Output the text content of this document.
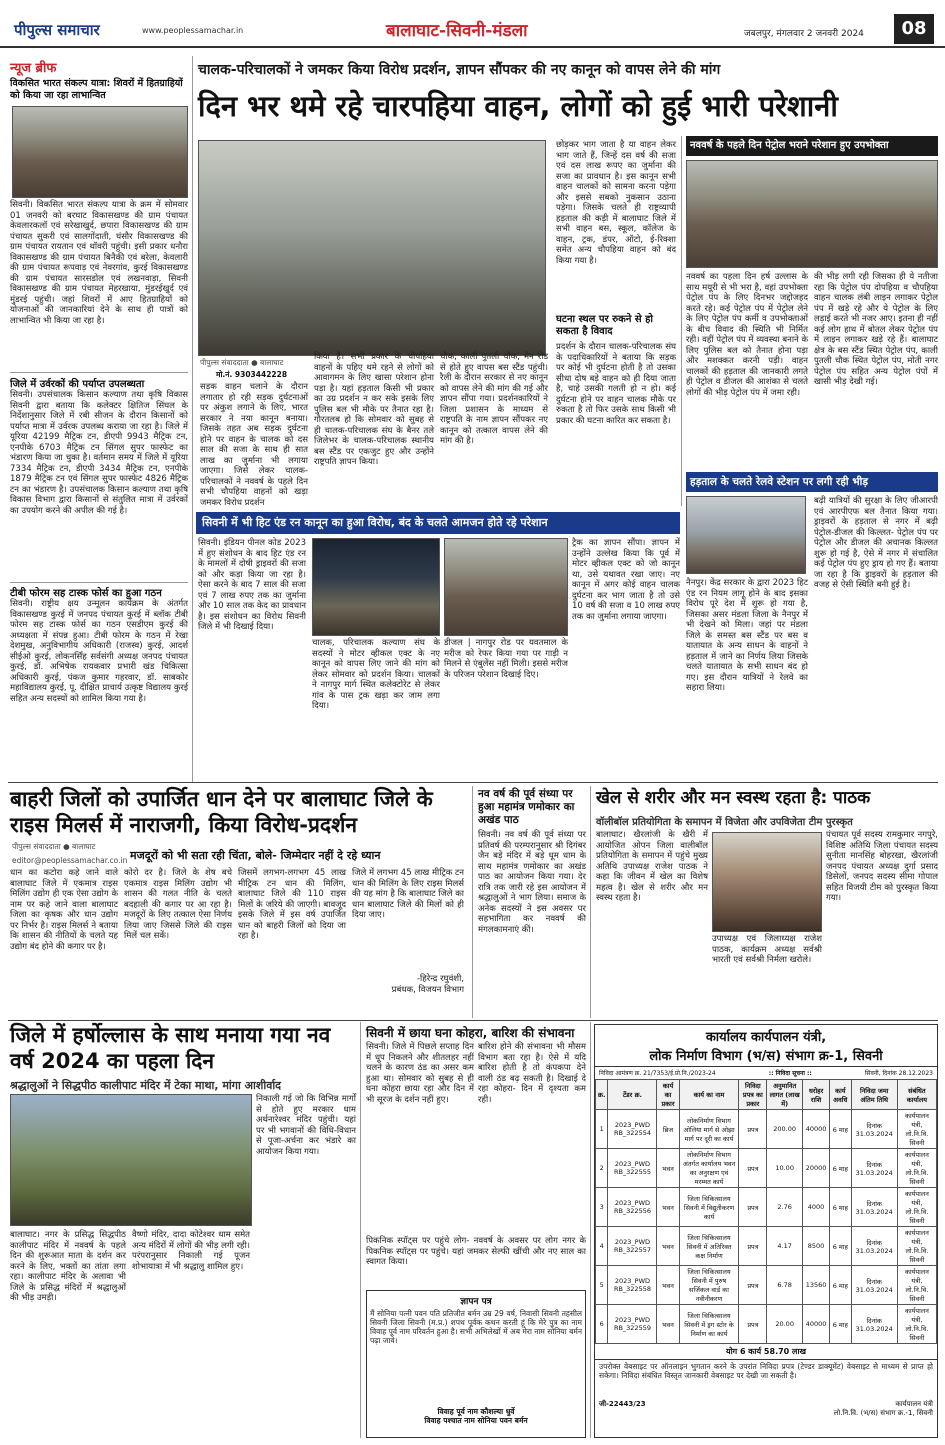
पीपुल्स समाचार	www.peoplessamachar.in	बालाघाट-सिवनी-मंडला	जबलपुर, मंगलवार 2 जनवरी 2024	08
न्यूज ब्रीफ
विकसित भारत संकल्प यात्रा: शिवरों में हितग्राहियों को किया जा रहा लाभान्वित
सिवनी। विकसित भारत संकल्प यात्रा के क्रम में सोमवार 01 जनवरी को बरघाट विकासखण्ड की ग्राम पंचायत केवलारकलॉ एवं सरेखाखुर्द, छपारा विकासखण्ड की ग्राम पंचायत सुकरी एवं सालगोंदाती, घंसौर विकासखण्ड की ग्राम पंचायत रायतान एवं थॉवरी पहुंची। इसी प्रकार धनौरा विकासखण्ड की ग्राम पंचायत बिनैकी एवं बरेला, केवलारी की ग्राम पंचायत रूपवाड़ एवं नेवरगांव, कुरई विकासखण्ड की ग्राम पंचायत सारसडोल एवं लखनवाड़ा, सिवनी विकासखण्ड की ग्राम पंचायत मेहरखाया, मुंडरईखुर्द एवं मुंडरई पहुंची। जहां शिवरों में आए हितग्राहियों को योजनाओं की जानकारियां देने के साथ ही पात्रों को लाभान्वित भी किया जा रहा है।
जिले में उर्वरकों की पर्याप्त उपलब्धता
सिवनी। उपसंचालक किसान कल्याण तथा कृषि विकास सिवनी द्वारा बताया कि कलेक्टर क्षितिज सिंघल के निर्देशानुसार जिले में रबी सीजन के दौरान किसानों को पर्याप्त मात्रा में उर्वरक उपलब्ध कराया जा रहा है। जिले में यूरिया 42199 मैट्रिक टन, डीएपी 9943 मैट्रिक टन, एनपीके 6703 मैट्रिक टन सिंगल सुपर फास्फेट का भंडारण किया जा चुका है। वर्तमान समय में जिले में यूरिया 7334 मैट्रिक टन, डीएपी 3434 मैट्रिक टन, एनपीके 1879 मैट्रिक टन एवं सिंगल सुपर फास्फेट 4826 मैट्रिक टन का भंडारण है। उपसंचालक किसान कल्याण तथा कृषि विकास विभाग द्वारा किसानों से संतुलित मात्रा में उर्वरकों का उपयोग करने की अपील की गई है।
टीबी फोरम सह टास्क फोर्स का हुआ गठन
सिवनी। राष्ट्रीय क्षय उन्मूलन कार्यक्रम के अंतर्गत विकासखण्ड कुरई में जनपद पंचायत कुरई में ब्लॉक टीबी फोरम सह टास्क फोर्स का गठन एसडीएम कुरई की अध्यक्षता में संपन्न हुआ। टीबी फोरम के गठन में रेखा देशमुख, अनुविभागीय अधिकारी (राजस्व) कुरई, आदर्श सीईओ कुरई, लोकनर्सिंह सर्वसंगी अध्यक्ष जनपद पंचायत कुरई, डॉ. अभिषेक रायकवार प्रभारी खंड चिकित्सा अधिकारी कुरई, पंकज कुमार गहरवार, डॉ. साबकोर महाविद्यालय कुरई, पू. दीक्षित प्राचार्य उत्कृष्ट विद्यालय कुरई सहित अन्य सदस्यों को शामिल किया गया है।
चालक-परिचालकों ने जमकर किया विरोध प्रदर्शन, ज्ञापन सौंपकर की नए कानून को वापस लेने की मांग
दिन भर थमे रहे चारपहिया वाहन, लोगों को हुई भारी परेशानी
पीपुल्स संवाददाता ● बालाघाट
मो.नं. 9303442228
सड़क वाहन चलाने के दौरान लगातार हो रही सड़क दुर्घटनाओं पर अंकुश लगाने के लिए, भारत सरकार ने नया कानून बनाया। जिसके तहत अब सड़क दुर्घटना होने पर वाहन के चालक को दस साल की सजा के साथ ही सात लाख का जुर्माना भी लगाया जाएगा। जिसे लेकर चालक-परिचालकों ने नववर्ष के पहले दिन सभी चौपहिया वाहनों को खड़ा जमकर विरोध प्रदर्शन
किया है। सभी प्रकार के चौपहिया वाहनों के पहिए थमे रहने से लोगों को आवागमन के लिए खासा परेशान होना पड़ा है। यहां हड़ताल किसी भी प्रकार का उग्र प्रदर्शन न कर सके इसके लिए पुलिस बल भी मौके पर तैनात रहा है। गौरतलब हो कि सोमवार को सुबह से ही चालक-परिचालक संघ के बैनर तले जिलेभर के चालक-परिचालक स्थानीय बस स्टैंड पर एकजुट हुए और उन्होंने राष्ट्रपति ज्ञापन किया।
चौक, काली पुतली चौक, मेन रोड से होते हुए वापस बस स्टैंड पहुंची। रैली के दौरान सरकार से नए कानून को वापस लेने की मांग की गई और ज्ञापन सौंपा गया। प्रदर्शनकारियों ने जिला प्रशासन के माध्यम से राष्ट्रपति के नाम ज्ञापन सौंपकर नए कानून को तत्काल वापस लेने की मांग की है।
छोड़कर भाग जाता है या वाहन लेकर भाग जाते हैं, जिन्हें दस वर्ष की सजा एवं दस लाख रूपए का जुर्माना की सजा का प्रावधान है। इस कानून सभी वाहन चालकों को सामना करना पड़ेगा और इससे सबको नुकसान उठाना पड़ेगा। जिसके चलते ही राष्ट्रव्यापी हड़ताल की कड़ी में बालाघाट जिले में सभी वाहन बस, स्कूल, कॉलेज के वाहन, ट्रक, डंपर, ऑटो, ई-रिक्शा समेत अन्य चौपहिया वाहन को बंद किया गया है।
घटना स्थल पर रुकने से हो सकता है विवाद
प्रदर्शन के दौरान चालक-परिचालक संघ के पदाधिकारियों ने बताया कि सड़क पर कोई भी दुर्घटना होती है तो उसका सीधा दोष बड़े वाहन को ही दिया जाता है, चाहे उसकी गलती हो न हो। कई दुर्घटना होने पर वाहन चालक मौके पर रुकता है तो फिर उसके साथ किसी भी प्रकार की घटना कारित कर सकता है।
नववर्ष के पहले दिन पेट्रोल भराने परेशान हुए उपभोक्ता
नववर्ष का पहला दिन हर्ष उल्लास के साथ मयूरी से भी भरा है, वहां उपभोक्ता पेट्रोल पंप के लिए दिनभर जद्दोजहद करते रहे। कई पेट्रोल पंप में पेट्रोल लेने के लिए पेट्रोल पंप कर्मी व उपभोक्ताओं के बीच विवाद की स्थिति भी निर्मित रही। वहीं पेट्रोल पंप में व्यवस्था बनाने के लिए पुलिस बल को तैनात होना पड़ा और मशक्कत करनी पड़ी। वाहन चालकों की हड़ताल की जानकारी लगते ही पेट्रोल व डीजल की आशंका से चलते लोगों की भीड़ पेट्रोल पंप में जमा रही।
की भीड़ लगी रही जिसका ही ये नतीजा रहा कि पेट्रोल पंप दोपहिया व चौपहिया वाहन चालक लंबी लाइन लगाकर पेट्रोल पंप में खड़े रहे और ये पेट्रोल के लिए लड़ाई करते भी नजर आए। इतना ही नहीं कई लोग हाथ में बोतल लेकर पेट्रोल पंप में लाइन लगाकर खड़े रहे हैं। बालाघाट क्षेत्र के बस स्टैंड स्थित पेट्रोल पंप, काली पुतली चौक स्थित पेट्रोल पंप, मोती नगर पेट्रोल पंप सहित अन्य पेट्रोल पंपों में खासी भीड़ देखी गई।
हड़ताल के चलते रेलवे स्टेशन पर लगी रही भीड़
नैनपुर। केंद्र सरकार के द्वारा 2023 हिट एंड रन नियम लागू होने के बाद इसका विरोध पूरे देश में शुरू हो गया है, जिसका असर मंडला जिला के नैनपुर में भी देखने को मिला। जहां पर मंडला जिले के समस्त बस स्टैंड पर बस व यातायात के अन्य साधन के वाहनों ने हड़ताल में जाने का निर्णय लिया जिसके चलते यातायात के सभी साधन बंद हो गए। इस दौरान यात्रियों ने रेलवे का सहारा लिया।
बढ़ी यात्रियों की सुरक्षा के लिए जीआरपी एवं आरपीएफ बल तैनात किया गया। ड्राइवरों के हड़ताल से नगर में बढ़ी पेट्रोल-डीजल की किल्लत- पेट्रोल पंप पर पेट्रोल और डीजल की अचानक किल्लत शुरू हो गई है, ऐसे में नगर में संचालित कई पेट्रोल पंप हुए ड्राय हो गए हैं। बताया जा रहा है कि ड्राइवरों के हड़ताल की वजह से ऐसी स्थिति बनी हुई है।
सिवनी में भी हिट एंड रन कानून का हुआ विरोध, बंद के चलते आमजन होते रहे परेशान
सिवनी। इंडियन पीनल कोड 2023 में हुए संशोधन के बाद हिट एंड रन के मामलों में दोषी ड्राइवरों की सजा को और कड़ा किया जा रहा है। ऐसा करने के बाद 7 साल की सजा एवं 7 लाख रुपए तक का जुर्माना और 10 साल तक केद का प्रावधान है। इस संशोधन का विरोध सिवनी जिले में भी दिखाई दिया।
चालक, परिचालक कल्याण संघ के सदस्यों ने मोटर व्हीकल एक्ट के नए कानून को वापस लिए जाने की मांग को लेकर सोमवार को प्रदर्शन किया। चालकों ने नागपुर मार्ग स्थित कलेक्टोरेट से लेकर गांव के पास ट्रक खड़ा कर जाम लगा दिया।
डीजल | नागपुर रोड पर यवतमाल के मरीज को रेफर किया गया पर गाड़ी न मिलने से एंबुलेंस नहीं मिली। इससे मरीज के परिजन परेशान दिखाई दिए।
ट्रैक का ज्ञापन सौंपा। ज्ञापन में उन्होंने उल्लेख किया कि पूर्व में मोटर व्हीकल एक्ट को जो कानून था, उसे यथावत रखा जाए। नए कानून में अगर कोई वाहन चालक दुर्घटना कर भाग जाता है तो उसे 10 वर्ष की सजा व 10 लाख रुपए तक का जुर्माना लगाया जाएगा।
बाहरी जिलों को उपार्जित धान देने पर बालाघाट जिले के राइस मिलर्स में नाराजगी, किया विरोध-प्रदर्शन
पीपुल्स संवाददाता ● बालाघाट
editor@peoplessamachar.co.in मजदूरों को भी सता रही चिंता, बोले- जिम्मेदार नहीं दे रहे ध्यान
धान का कटोरा कहे जाने वाले बालाघाट जिले में एकमात्र राइस मिलिंग उद्योग ही एक ऐसा उद्योग के नाम पर कहे जाने वाला बालाघाट जिला का कृषक और धान उद्योग पर निर्भर है। राइस मिलर्स ने बताया कि शासन की नीतियों के चलते यह उद्योग बंद होने की कगार पर है।
कोरो दर है। जिले के शेष बचे एकमात्र राइस मिलिंग उद्योग भी शासन की गलत नीति के चलते बदहाली की कगार पर आ रहा है। मजदूरों के लिए तत्काल ऐसा निर्णय लिया जाए जिससे जिले की राइस मिलें चल सकें।
जिसमें लगभग-लगभग 45 लाख मीट्रिक टन धान की मिलिंग, बालाघाट जिले की 110 राइस मिलों के जरिये की जाएगी। बावजूद इसके जिले में इस वर्ष उपार्जित धान को बाहरी जिलों को दिया जा रहा है।
जिले में लगभग 45 लाख मीट्रिक टन धान की मिलिंग के लिए राइस मिलर्स की यह मांग है कि बालाघाट जिले का धान बालाघाट जिले की मिलों को ही दिया जाए।
-हिरेन्द्र रघुवंशी,
प्रबंधक, विजयन विभाग
नव वर्ष की पूर्व संध्या पर हुआ महामंत्र णमोकार का अखंड पाठ
सिवनी। नव वर्ष की पूर्व संध्या पर प्रतिवर्ष की परम्परानुसार श्री दिगंबर जैन बड़े मंदिर में बड़े धूम धाम के साथ महामंत्र णमोकार का अखंड पाठ का आयोजन किया गया। देर रात्रि तक जारी रहे इस आयोजन में श्रद्धालुओं ने भाग लिया। समाज के अनेक सदस्यों ने इस अवसर पर सहभागिता कर नववर्ष की मंगलकामनाएं कीं।
खेल से शरीर और मन स्वस्थ रहता है: पाठक
वॉलीबॉल प्रतियोगिता के समापन में विजेता और उपविजेता टीम पुरस्कृत
बालाघाट। खैरलांजी के खैरी में आयोजित ओपन जिला वालीबॉल प्रतियोगिता के समापन में पहुंचे मुख्य अतिथि उपाध्यक्ष राजेश पाठक ने कहा कि जीवन में खेल का विशेष महत्व है। खेल से शरीर और मन स्वस्थ रहता है।
उपाध्यक्ष एवं जिलाध्यक्ष राजेश पाठक, कार्यक्रम अध्यक्ष सर्वश्री भारती एवं सर्वश्री निर्मला खरोले।
पंचायत पूर्व सदस्य रामकुमार नगपुरे, विशिष्ट अतिथि जिला पंचायत सदस्य सुनीता मानसिंह बोहरखा, खैरलांजी जनपद पंचायत अध्यक्ष दुर्गा प्रसाद डिसेलों, जनपद सदस्य सीमा गोपाल सहित विजयी टीम को पुरस्कृत किया गया।
जिले में हर्षोल्लास के साथ मनाया गया नव वर्ष 2024 का पहला दिन
श्रद्धालुओं ने सिद्धपीठ कालीपाट मंदिर में टेका माथा, मांगा आशीर्वाद
बालाघाट। नगर के प्रसिद्ध सिद्धपीठ कालीपाट मंदिर में नववर्ष के पहले दिन की शुरूआत माता के दर्शन कर करने के लिए, भक्तों का तांता लगा रहा। कालीपाट मंदिर के अलावा भी जिले के प्रसिद्ध मंदिरों में श्रद्धालुओं की भीड़ उमड़ी।
वैष्णो मंदिर, दादा कोटेश्वर धाम समेत अन्य मंदिरों में लोगों की भीड़ लगी रही। परंपरानुसार निकाली गई पूजन शोभायात्रा में भी श्रद्धालु शामिल हुए।
निकाली गई जो कि विभिन्न मार्गों से होते हुए मरकार धाम अर्थनारेश्वर मंदिर पहुंची। यहां पर भी भगवानों की विधि-विधान से पूजा-अर्चना कर भंडारे का आयोजन किया गया।
सिवनी में छाया घना कोहरा, बारिश की संभावना
सिवनी। जिले में पिछले सप्ताह दिन में धूप निकलने और शीतलहर नहीं चलने के कारण ठंड का असर कम हुआ था। सोमवार को सुबह से ही घना कोहरा छाया रहा और दिन में भी सूरज के दर्शन नहीं हुए।
बारिश होने की संभावना भी मौसम विभाग बता रहा है। ऐसे में यदि बारिश होती है तो कंपकपा देने वाली ठंड बढ़ सकती है। दिखाई दे रहा कोहरा- दिन में दृश्यता कम रही।
पिकनिक स्पॉट्स पर पहुंचे लोग- नववर्ष के अवसर पर लोग नगर के पिकनिक स्पॉट्स पर पहुंचे। यहां जमकर सेल्फी खींची और नए साल का स्वागत किया।
ज्ञापन पत्र
मैं सोनिया पत्नी पवन पति प्रतिजीत बर्मन उम्र 29 वर्ष, निवासी सिवनी तहसील सिवनी जिला सिवनी (म.प्र.) शपथ पूर्वक कथन करती हूं कि मेरे पुत्र का नाम विवाह पूर्व नाम परिवर्तन हुआ है। सभी अभिलेखों में अब मेरा नाम सोनिया बर्मन पढ़ा जावे।
विवाह पूर्व नाम कौशल्या धुर्वे
विवाह पश्चात नाम सोनिया पवन बर्मन
कार्यालय कार्यपालन यंत्री,
लोक निर्माण विभाग (भ/स) संभाग क्र-1, सिवनी
निविदा आमंत्रण क्र. 21/7353/ई.प्रो.नि./2023-24	:: निविदा सूचना ::	सिवनी, दिनांक 28.12.2023
क्र.	टेंडर क्र.	कार्य का प्रकार	कार्य का नाम	निविदा प्रपत्र का प्रकार	अनुमानित लागत (लाख में)	धरोहर राशि	कार्य अवधि	निविदा जमा अंतिम तिथि	संबंधित कार्यालय
1	2023_PWD RB_322554	ब्रिज	लोकनिर्माण विभाग ओलिया मार्ग से ओझा मार्ग पर दूरी का कार्य	प्रपत्र	200.00	40000	6 माह	दिनांक 31.03.2024	कार्यपालन यंत्री, लो.नि.वि. सिवनी
2	2023_PWD RB_322555	भवन	लोकनिर्माण विभाग अंतर्गत कार्यालय भवन का अनुरक्षण एवं मरम्मत कार्य	प्रपत्र	10.00	20000	6 माह	दिनांक 31.03.2024	कार्यपालन यंत्री, लो.नि.वि. सिवनी
3	2023_PWD RB_322556	भवन	जिला चिकित्सालय सिवनी में विद्युतीकरण कार्य	प्रपत्र	2.76	4000	6 माह	दिनांक 31.03.2024	कार्यपालन यंत्री, लो.नि.वि. सिवनी
4	2023_PWD RB_322557	भवन	जिला चिकित्सालय सिवनी में अतिरिक्त कक्ष निर्माण	प्रपत्र	4.17	8500	6 माह	दिनांक 31.03.2024	कार्यपालन यंत्री, लो.नि.वि. सिवनी
5	2023_PWD RB_322558	भवन	जिला चिकित्सालय सिवनी में पुरुष सर्जिकल वार्ड का नवीनीकरण	प्रपत्र	6.78	13560	6 माह	दिनांक 31.03.2024	कार्यपालन यंत्री, लो.नि.वि. सिवनी
6	2023_PWD RB_322559	भवन	जिला चिकित्सालय सिवनी में ड्रग स्टोर के निर्माण का कार्य	प्रपत्र	20.00	40000	6 माह	दिनांक 31.03.2024	कार्यपालन यंत्री, लो.नि.वि. सिवनी
योग 6 कार्य 58.70 लाख
उपरोक्त वेबसाइट पर ऑनलाइन भुगतान करने के उपरांत निविदा प्रपत्र (टेण्डर डाक्यूमेंट) वेबसाइट से माध्यम से प्राप्त हो सकेगा। निविदा संबंधित विस्तृत जानकारी वेबसाइट पर देखी जा सकती है।
जी-22443/23	कार्यपालन यंत्री
लो.नि.वि. (भ/स) संभाग क्र.-1, सिवनी
